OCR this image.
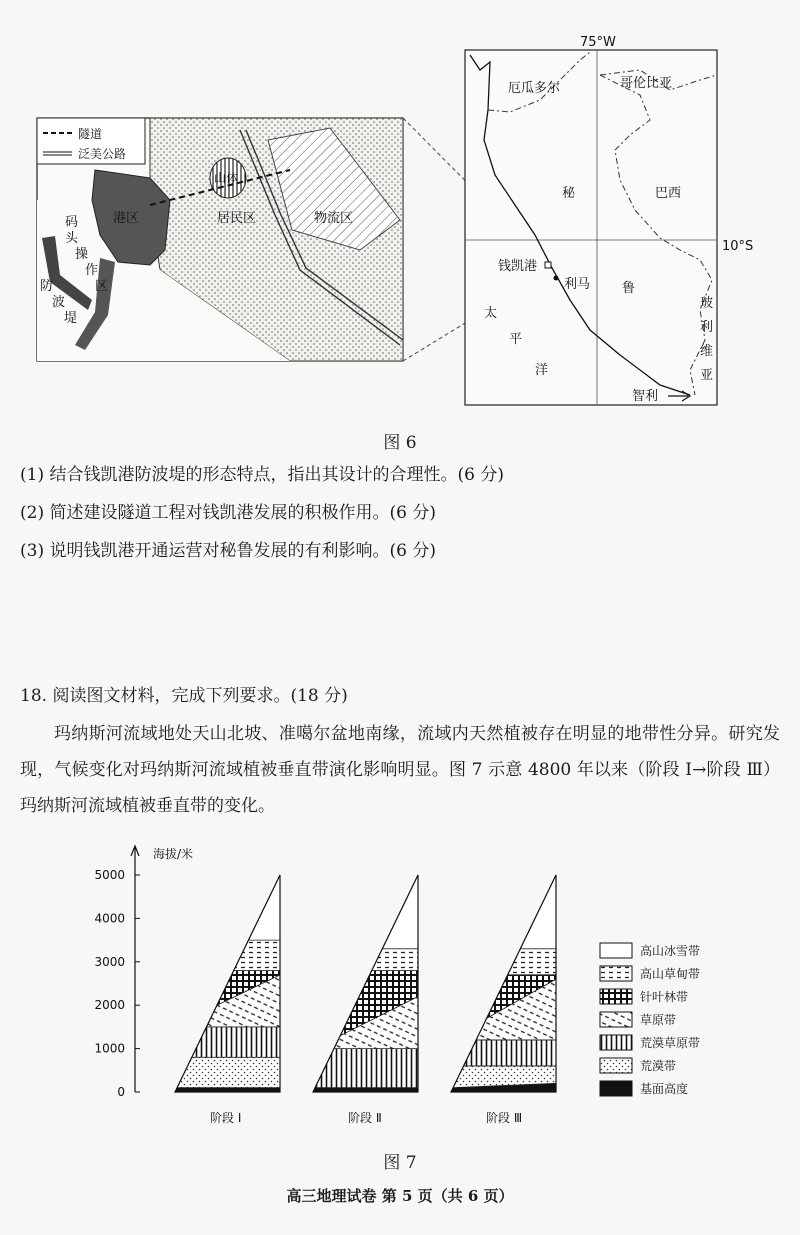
隧道
泛美公路
港区
山体
居民区	物流区
码
头
操
作
区
防
波
堤
75°W
10°S
厄瓜多尔	哥伦比亚
秘	巴西
钱凯港
利马 鲁
太
平
洋
玻
利
维
亚
智利
图 6
(1) 结合钱凯港防波堤的形态特点，指出其设计的合理性。(6 分)
(2) 简述建设隧道工程对钱凯港发展的积极作用。(6 分)
(3) 说明钱凯港开通运营对秘鲁发展的有利影响。(6 分)
18. 阅读图文材料，完成下列要求。(18 分)
玛纳斯河流域地处天山北坡、准噶尔盆地南缘，流域内天然植被存在明显的地带性分异。研究发现，气候变化对玛纳斯河流域植被垂直带演化影响明显。图 7 示意 4800 年以来（阶段 Ⅰ→阶段 Ⅲ）玛纳斯河流域植被垂直带的变化。
海拔/米
0
1000
2000
3000
4000
5000
阶段 Ⅰ	阶段 Ⅱ	阶段 Ⅲ
高山冰雪带
高山草甸带
针叶林带
草原带
荒漠草原带
荒漠带
基面高度
图 7
高三地理试卷 第 5 页（共 6 页）
